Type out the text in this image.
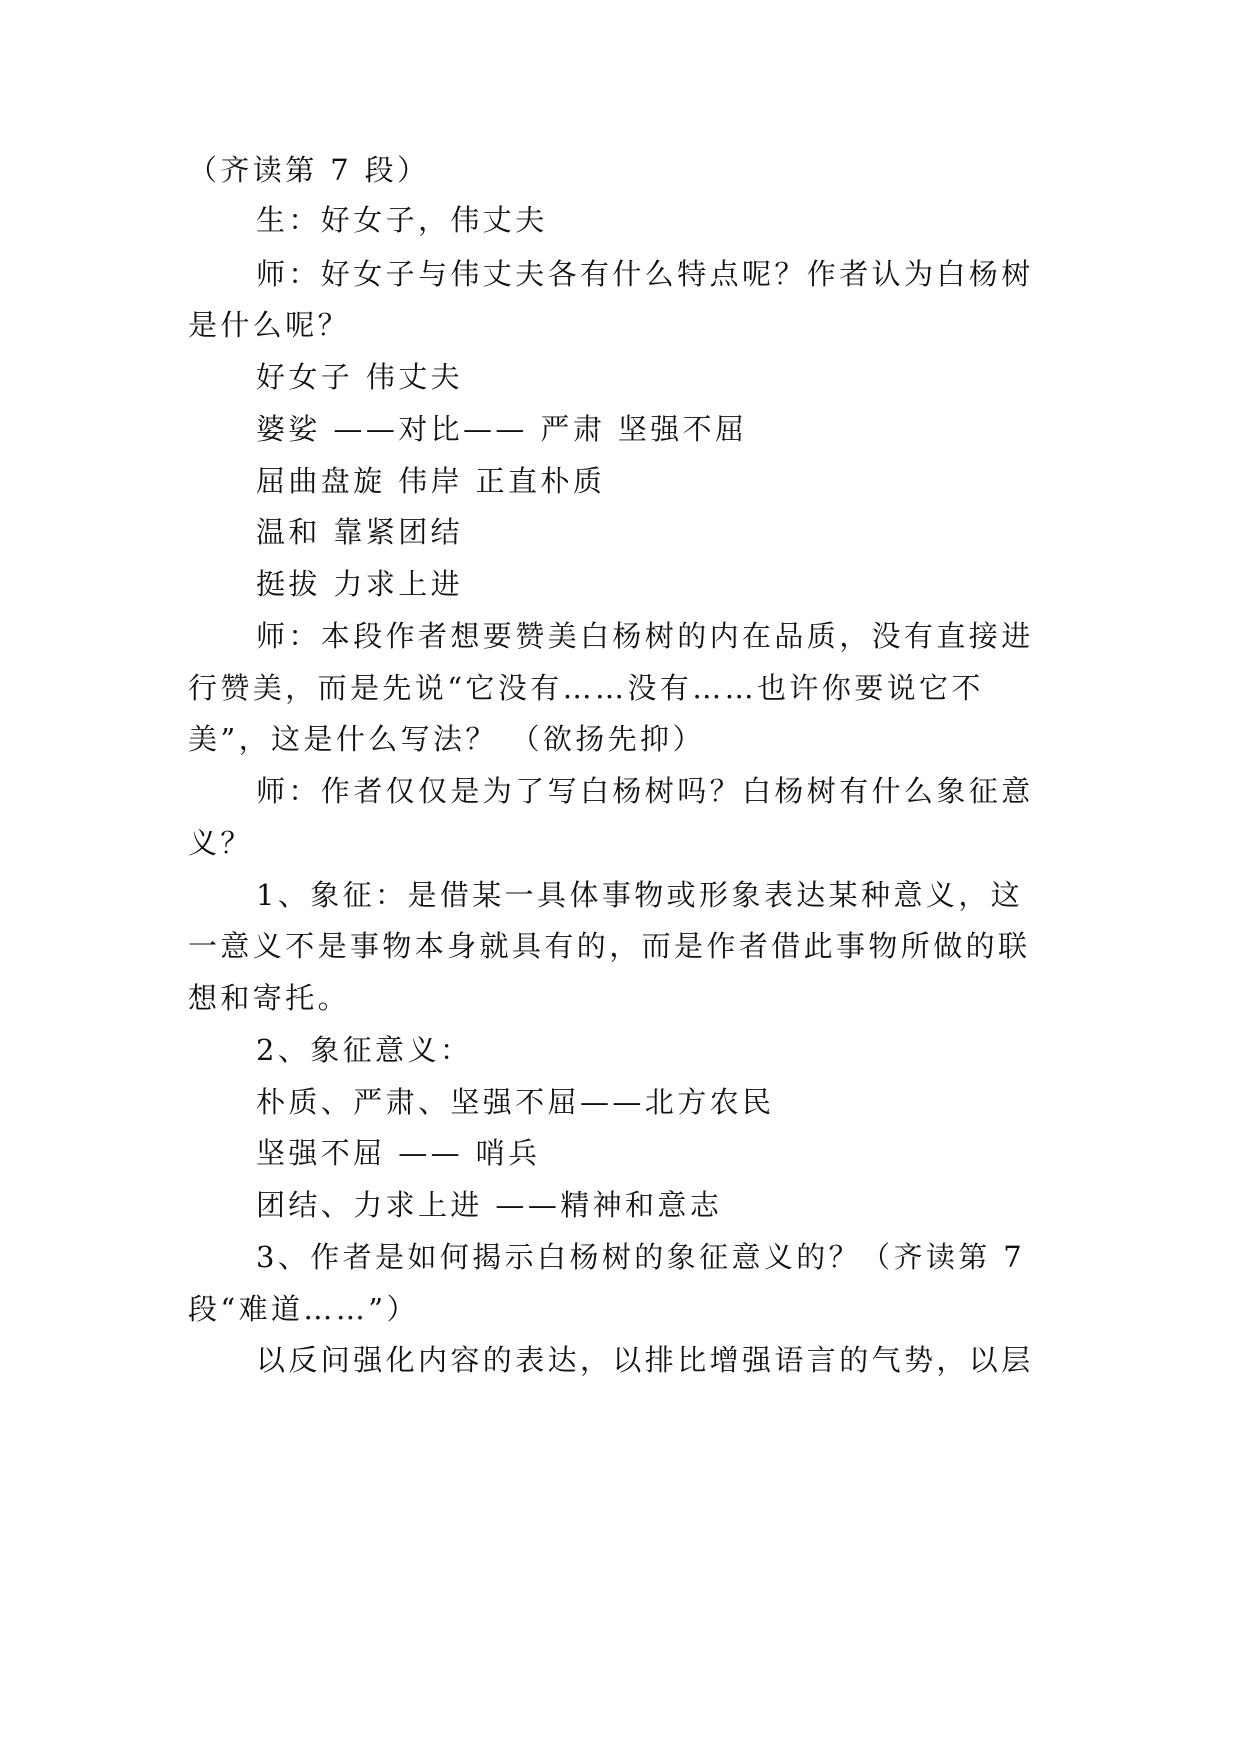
（齐读第 7 段）
生：好女子，伟丈夫
师：好女子与伟丈夫各有什么特点呢？作者认为白杨树
是什么呢？
好女子 伟丈夫
婆娑 ——对比—— 严肃 坚强不屈
屈曲盘旋 伟岸 正直朴质
温和 靠紧团结
挺拔 力求上进
师：本段作者想要赞美白杨树的内在品质，没有直接进
行赞美，而是先说“它没有……没有……也许你要说它不
美”，这是什么写法？ （欲扬先抑）
师：作者仅仅是为了写白杨树吗？白杨树有什么象征意
义？
1、象征：是借某一具体事物或形象表达某种意义，这
一意义不是事物本身就具有的，而是作者借此事物所做的联
想和寄托。
2、象征意义：
朴质、严肃、坚强不屈——北方农民
坚强不屈 —— 哨兵
团结、力求上进 ——精神和意志
3、作者是如何揭示白杨树的象征意义的？（齐读第 7
段“难道……”）
以反问强化内容的表达，以排比增强语言的气势，以层
